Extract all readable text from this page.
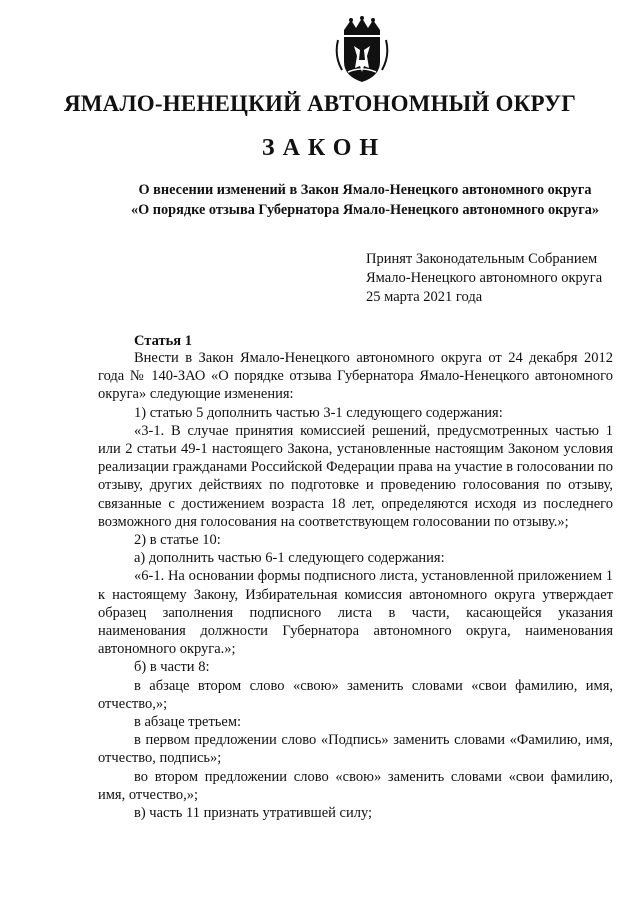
ЯМАЛО-НЕНЕЦКИЙ АВТОНОМНЫЙ ОКРУГ
ЗАКОН
О внесении изменений в Закон Ямало-Ненецкого автономного округа
«О порядке отзыва Губернатора Ямало-Ненецкого автономного округа»
Принят Законодательным Собранием
Ямало-Ненецкого автономного округа
25 марта 2021 года
Статья 1

Внести в Закон Ямало-Ненецкого автономного округа от 24 декабря 2012 года № 140-ЗАО «О порядке отзыва Губернатора Ямало-Ненецкого автономного округа» следующие изменения:

1) статью 5 дополнить частью 3-1 следующего содержания:

«3-1. В случае принятия комиссией решений, предусмотренных частью 1 или 2 статьи 49-1 настоящего Закона, установленные настоящим Законом условия реализации гражданами Российской Федерации права на участие в голосовании по отзыву, других действиях по подготовке и проведению голосования по отзыву, связанные с достижением возраста 18 лет, определяются исходя из последнего возможного дня голосования на соответствующем голосовании по отзыву.»;

2) в статье 10:

а) дополнить частью 6-1 следующего содержания:

«6-1. На основании формы подписного листа, установленной приложением 1 к настоящему Закону, Избирательная комиссия автономного округа утверждает образец заполнения подписного листа в части, касающейся указания наименования должности Губернатора автономного округа, наименования автономного округа.»;

б) в части 8:

в абзаце втором слово «свою» заменить словами «свои фамилию, имя, отчество,»;

в абзаце третьем:

в первом предложении слово «Подпись» заменить словами «Фамилию, имя, отчество, подпись»;

во втором предложении слово «свою» заменить словами «свои фамилию, имя, отчество,»;

в) часть 11 признать утратившей силу;
